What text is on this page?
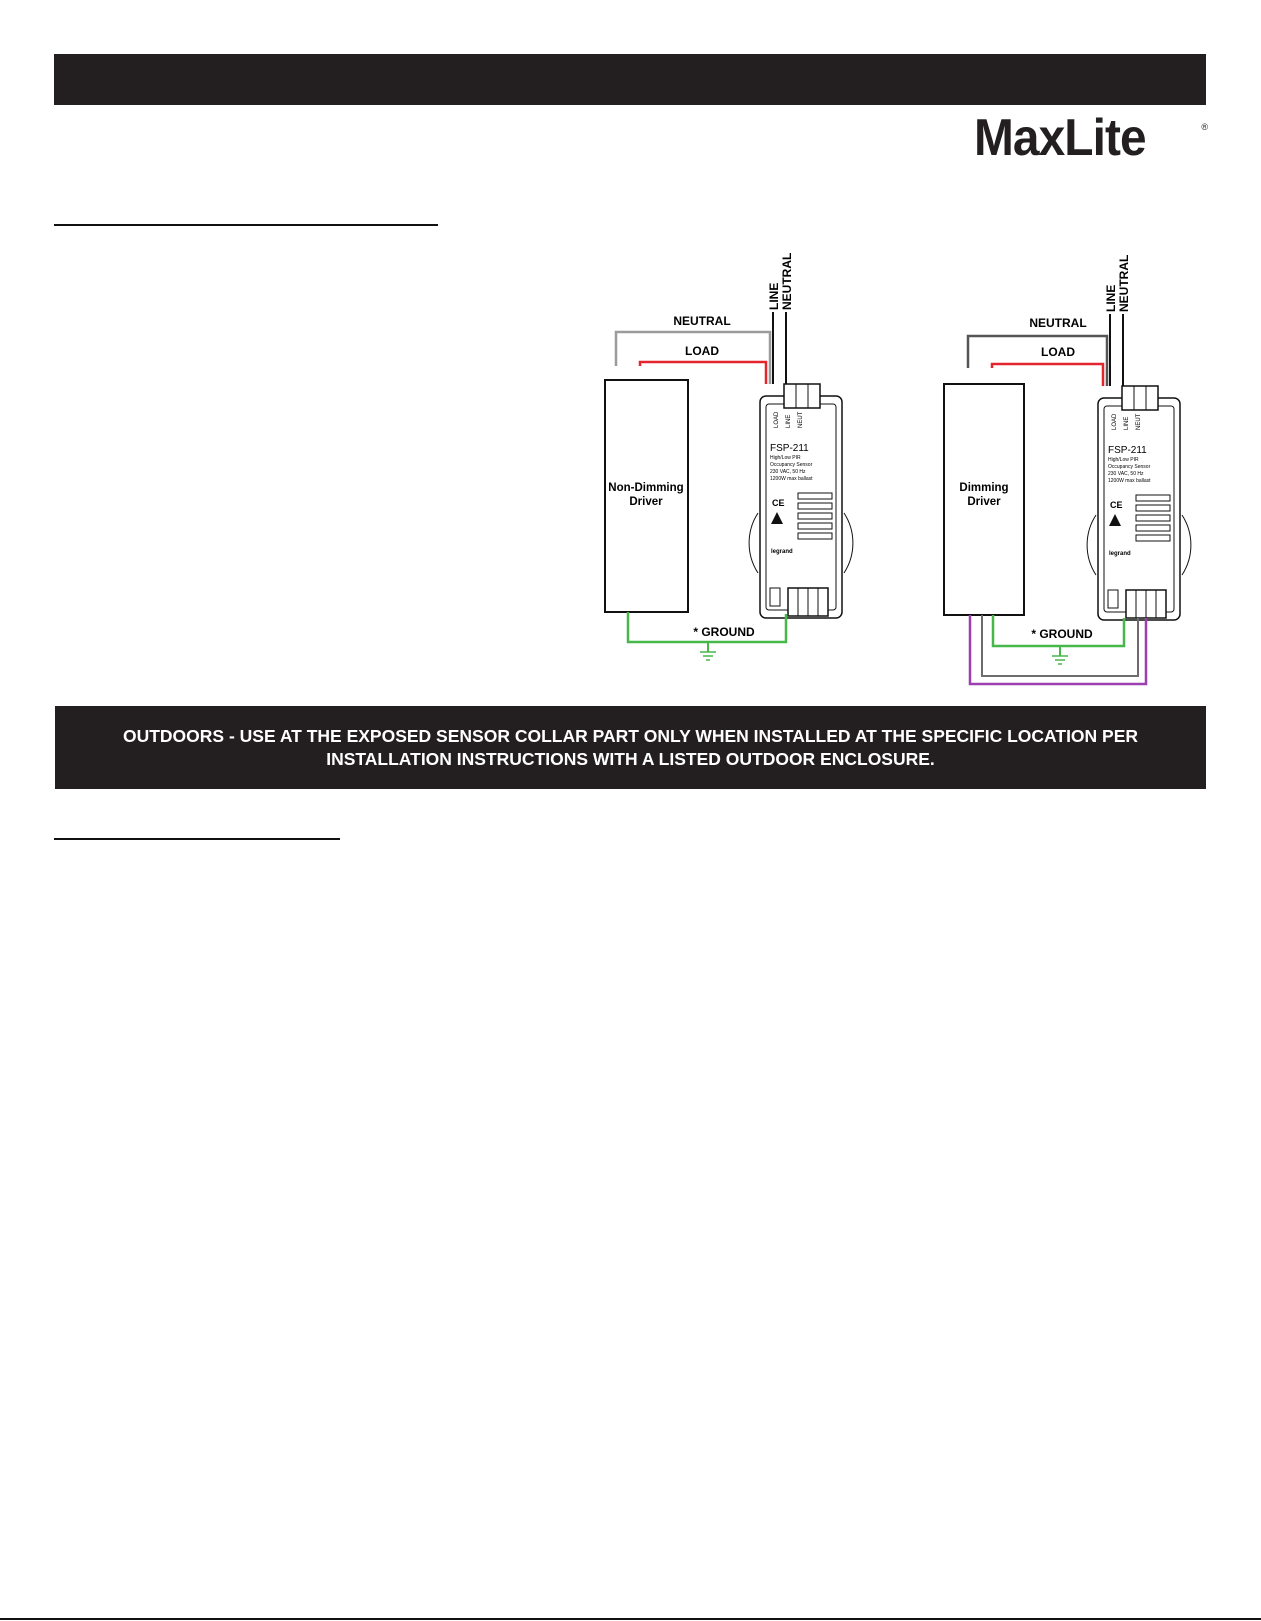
MaxLite	®
LINE NEUTRAL
NEUTRAL
LOAD
Non-Dimming
Driver
LOAD LINE NEUT
FSP-211
High/Low PIR
Occupancy Sensor
230 VAC, 50 Hz
1200W max ballast
CE
legrand
* GROUND
LINE NEUTRAL
NEUTRAL
LOAD
Dimming
Driver
LOAD LINE NEUT
FSP-211
High/Low PIR
Occupancy Sensor
230 VAC, 50 Hz
1200W max ballast
CE
legrand
* GROUND
OUTDOORS - USE AT THE EXPOSED SENSOR COLLAR PART ONLY WHEN INSTALLED AT THE SPECIFIC LOCATION PER INSTALLATION INSTRUCTIONS WITH A LISTED OUTDOOR ENCLOSURE.
